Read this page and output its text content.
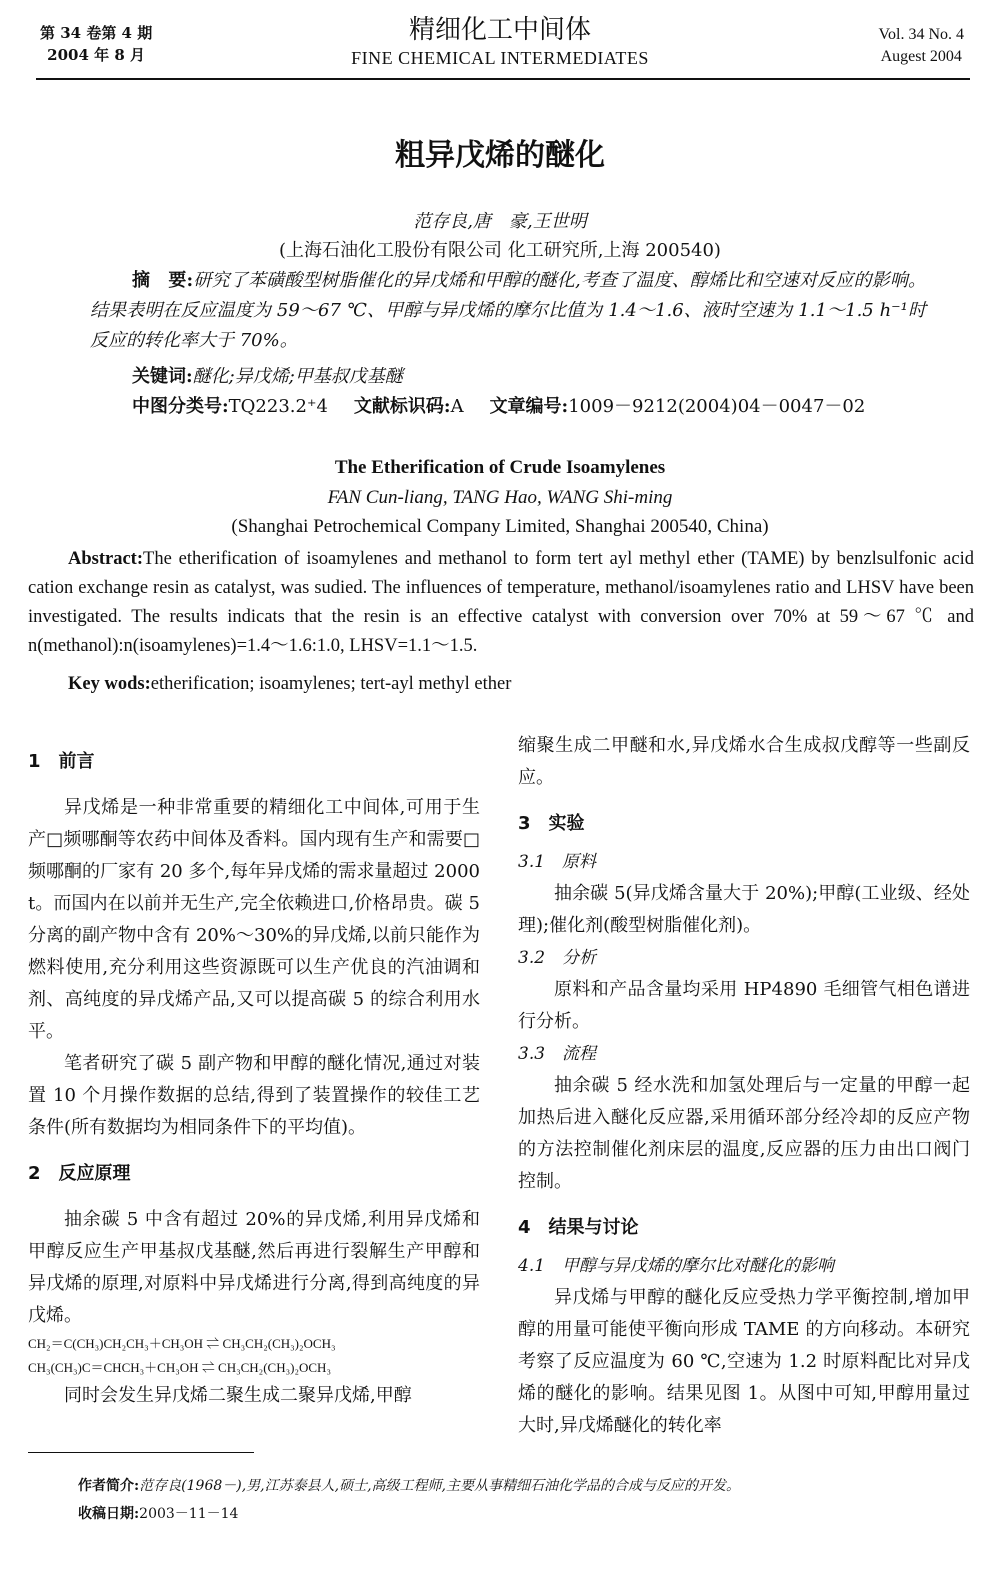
第 34 卷第 4 期
2004 年 8 月
精细化工中间体
FINE CHEMICAL INTERMEDIATES
Vol. 34 No. 4
Augest 2004
粗异戊烯的醚化
范存良,唐　豪,王世明
(上海石油化工股份有限公司 化工研究所,上海 200540)
摘　要:研究了苯磺酸型树脂催化的异戊烯和甲醇的醚化,考查了温度、醇烯比和空速对反应的影响。结果表明在反应温度为 59～67 ℃、甲醇与异戊烯的摩尔比值为 1.4～1.6、液时空速为 1.1～1.5 h⁻¹时反应的转化率大于 70%。
关键词:醚化;异戊烯;甲基叔戊基醚
中图分类号:TQ223.2⁺4 文献标识码:A 文章编号:1009－9212(2004)04－0047－02
The Etherification of Crude Isoamylenes
FAN Cun-liang, TANG Hao, WANG Shi-ming
(Shanghai Petrochemical Company Limited, Shanghai 200540, China)
Abstract:The etherification of isoamylenes and methanol to form tert ayl methyl ether (TAME) by benzlsulfonic acid cation exchange resin as catalyst, was sudied. The influences of temperature, methanol/isoamylenes ratio and LHSV have been investigated. The results indicats that the resin is an effective catalyst with conversion over 70% at 59～67 ℃ and n(methanol):n(isoamylenes)=1.4～1.6:1.0, LHSV=1.1～1.5.
Key wods:etherification; isoamylenes; tert-ayl methyl ether
1　前言

异戊烯是一种非常重要的精细化工中间体,可用于生产□频哪酮等农药中间体及香料。国内现有生产和需要□频哪酮的厂家有 20 多个,每年异戊烯的需求量超过 2000 t。而国内在以前并无生产,完全依赖进口,价格昂贵。碳 5 分离的副产物中含有 20%～30%的异戊烯,以前只能作为燃料使用,充分利用这些资源既可以生产优良的汽油调和剂、高纯度的异戊烯产品,又可以提高碳 5 的综合利用水平。

笔者研究了碳 5 副产物和甲醇的醚化情况,通过对装置 10 个月操作数据的总结,得到了装置操作的较佳工艺条件(所有数据均为相同条件下的平均值)。

2　反应原理

抽余碳 5 中含有超过 20%的异戊烯,利用异戊烯和甲醇反应生产甲基叔戊基醚,然后再进行裂解生产甲醇和异戊烯的原理,对原料中异戊烯进行分离,得到高纯度的异戊烯。

CH₂＝C(CH₃)CH₂CH₃＋CH₃OH ⇌ CH₃CH₂(CH₃)₂OCH₃
CH₃(CH₃)C＝CHCH₃＋CH₃OH ⇌ CH₃CH₂(CH₃)₂OCH₃

同时会发生异戊烯二聚生成二聚异戊烯,甲醇

缩聚生成二甲醚和水,异戊烯水合生成叔戊醇等一些副反应。

3　实验
3.1　原料

抽余碳 5(异戊烯含量大于 20%);甲醇(工业级、经处理);催化剂(酸型树脂催化剂)。

3.2　分析

原料和产品含量均采用 HP4890 毛细管气相色谱进行分析。

3.3　流程

抽余碳 5 经水洗和加氢处理后与一定量的甲醇一起加热后进入醚化反应器,采用循环部分经冷却的反应产物的方法控制催化剂床层的温度,反应器的压力由出口阀门控制。

4　结果与讨论
4.1　甲醇与异戊烯的摩尔比对醚化的影响

异戊烯与甲醇的醚化反应受热力学平衡控制,增加甲醇的用量可能使平衡向形成 TAME 的方向移动。本研究考察了反应温度为 60 ℃,空速为 1.2 时原料配比对异戊烯的醚化的影响。结果见图 1。从图中可知,甲醇用量过大时,异戊烯醚化的转化率

作者简介:范存良(1968－),男,江苏泰县人,硕士,高级工程师,主要从事精细石油化学品的合成与反应的开发。
收稿日期:2003－11－14
